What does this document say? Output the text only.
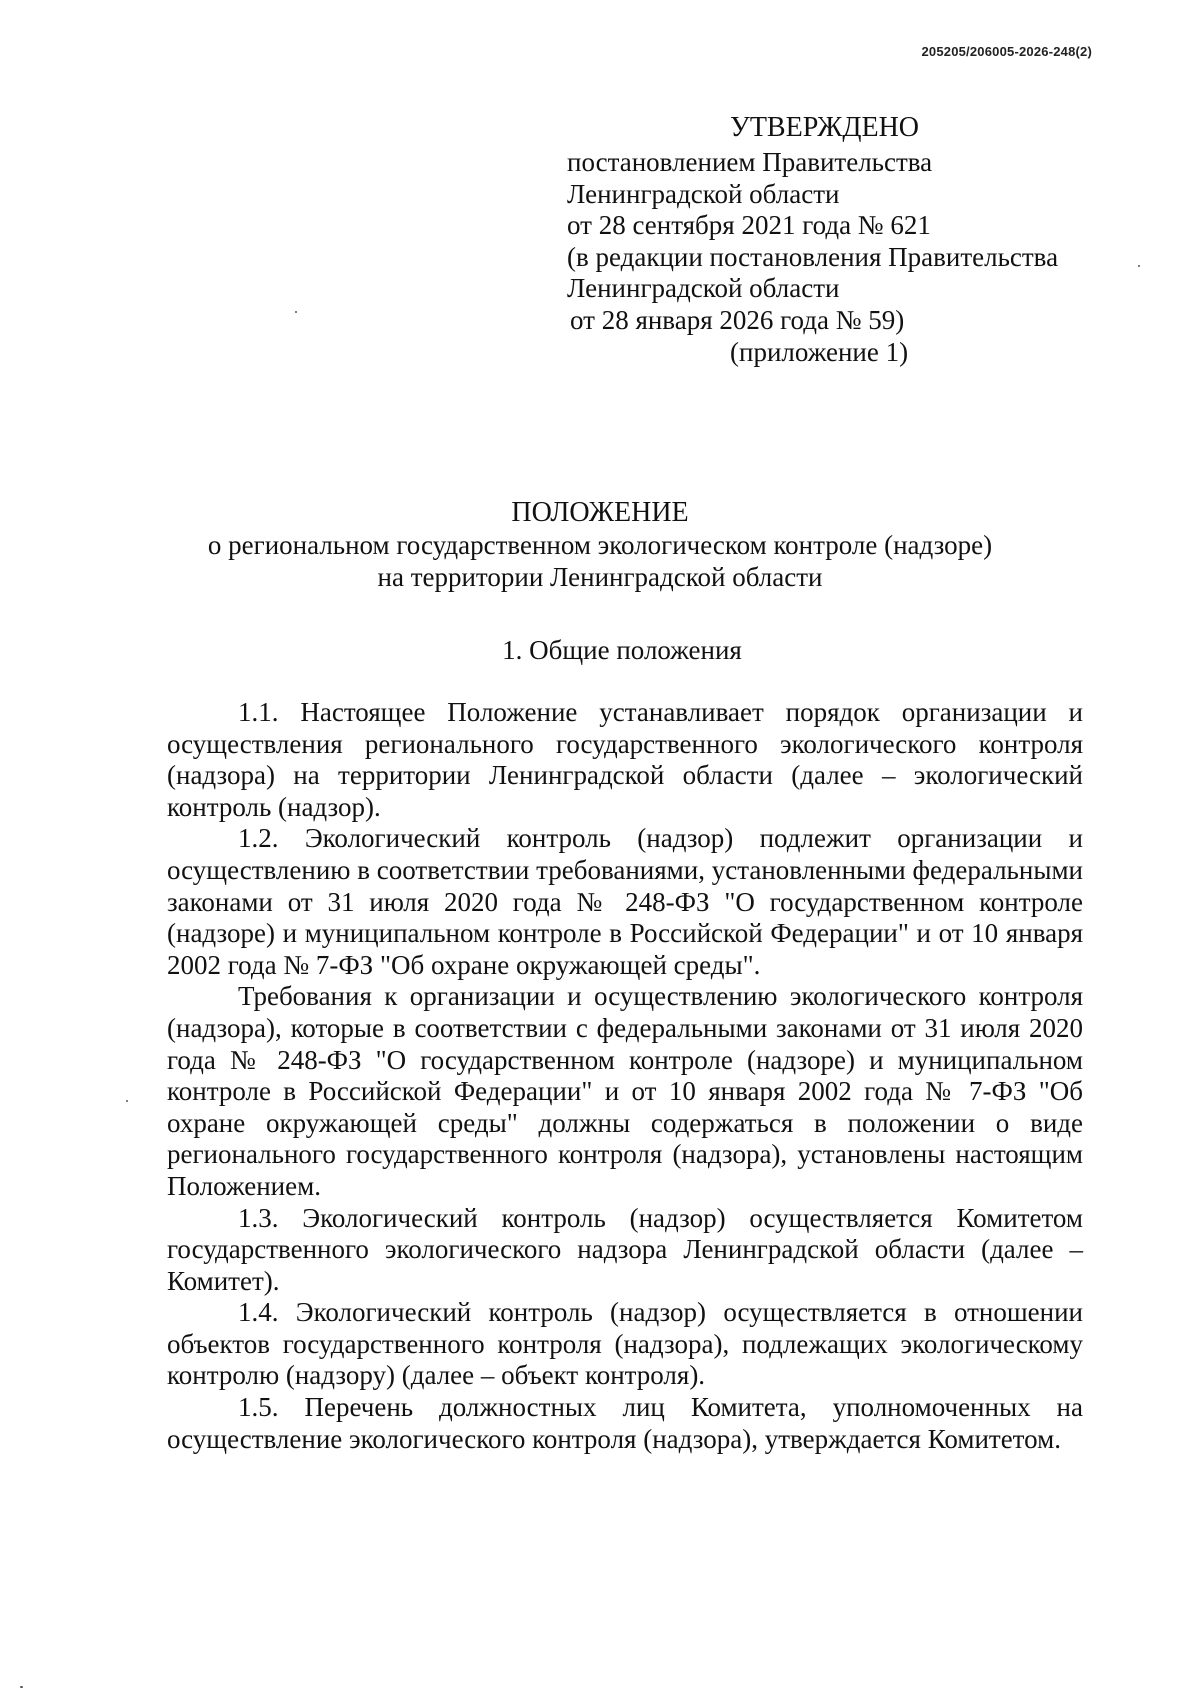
205205/206005-2026-248(2)
УТВЕРЖДЕНО
постановлением Правительства
Ленинградской области
от 28 сентября 2021 года № 621
(в редакции постановления Правительства
Ленинградской области
от 28 января 2026 года № 59)
(приложение 1)
ПОЛОЖЕНИЕ
о региональном государственном экологическом контроле (надзоре)
на территории Ленинградской области
1. Общие положения

1.1. Настоящее Положение устанавливает порядок организации и осуществления регионального государственного экологического контроля (надзора) на территории Ленинградской области (далее – экологический контроль (надзор).

1.2. Экологический контроль (надзор) подлежит организации и осуществлению в соответствии требованиями, установленными федеральными законами от 31 июля 2020 года № 248-ФЗ "О государственном контроле (надзоре) и муниципальном контроле в Российской Федерации" и от 10 января 2002 года № 7-ФЗ "Об охране окружающей среды".

Требования к организации и осуществлению экологического контроля (надзора), которые в соответствии с федеральными законами от 31 июля 2020 года № 248-ФЗ "О государственном контроле (надзоре) и муниципальном контроле в Российской Федерации" и от 10 января 2002 года № 7-ФЗ "Об охране окружающей среды" должны содержаться в положении о виде регионального государственного контроля (надзора), установлены настоящим Положением.

1.3. Экологический контроль (надзор) осуществляется Комитетом государственного экологического надзора Ленинградской области (далее – Комитет).

1.4. Экологический контроль (надзор) осуществляется в отношении объектов государственного контроля (надзора), подлежащих экологическому контролю (надзору) (далее – объект контроля).

1.5. Перечень должностных лиц Комитета, уполномоченных на осуществление экологического контроля (надзора), утверждается Комитетом.
